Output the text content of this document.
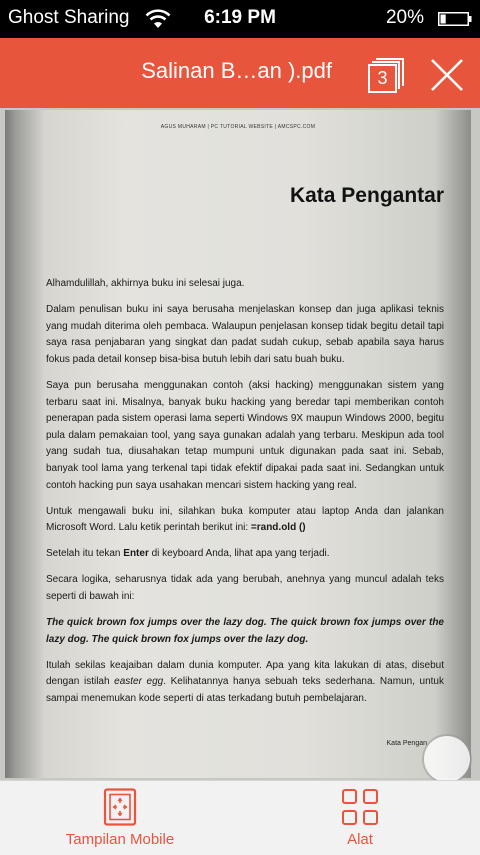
Ghost Sharing	6:19 PM	20%
Salinan B…an ).pdf	3
AGUS MUHARAM | PC TUTORIAL WEBSITE | AMCSPC.COM
Kata Pengantar

Alhamdulillah, akhirnya buku ini selesai juga.

Dalam penulisan buku ini saya berusaha menjelaskan konsep dan juga aplikasi teknis yang mudah diterima oleh pembaca. Walaupun penjelasan konsep tidak begitu detail tapi saya rasa penjabaran yang singkat dan padat sudah cukup, sebab apabila saya harus fokus pada detail konsep bisa-bisa butuh lebih dari satu buah buku.

Saya pun berusaha menggunakan contoh (aksi hacking) menggunakan sistem yang terbaru saat ini. Misalnya, banyak buku hacking yang beredar tapi memberikan contoh penerapan pada sistem operasi lama seperti Windows 9X maupun Windows 2000, begitu pula dalam pemakaian tool, yang saya gunakan adalah yang terbaru. Meskipun ada tool yang sudah tua, diusahakan tetap mumpuni untuk digunakan pada saat ini. Sebab, banyak tool lama yang terkenal tapi tidak efektif dipakai pada saat ini. Sedangkan untuk contoh hacking pun saya usahakan mencari sistem hacking yang real.

Untuk mengawali buku ini, silahkan buka komputer atau laptop Anda dan jalankan Microsoft Word. Lalu ketik perintah berikut ini: =rand.old ()

Setelah itu tekan Enter di keyboard Anda, lihat apa yang terjadi.

Secara logika, seharusnya tidak ada yang berubah, anehnya yang muncul adalah teks seperti di bawah ini:

The quick brown fox jumps over the lazy dog. The quick brown fox jumps over the lazy dog. The quick brown fox jumps over the lazy dog.

Itulah sekilas keajaiban dalam dunia komputer. Apa yang kita lakukan di atas, disebut dengan istilah easter egg. Kelihatannya hanya sebuah teks sederhana. Namun, untuk sampai menemukan kode seperti di atas terkadang butuh pembelajaran.

Kata Pengan
Tampilan Mobile	Alat
